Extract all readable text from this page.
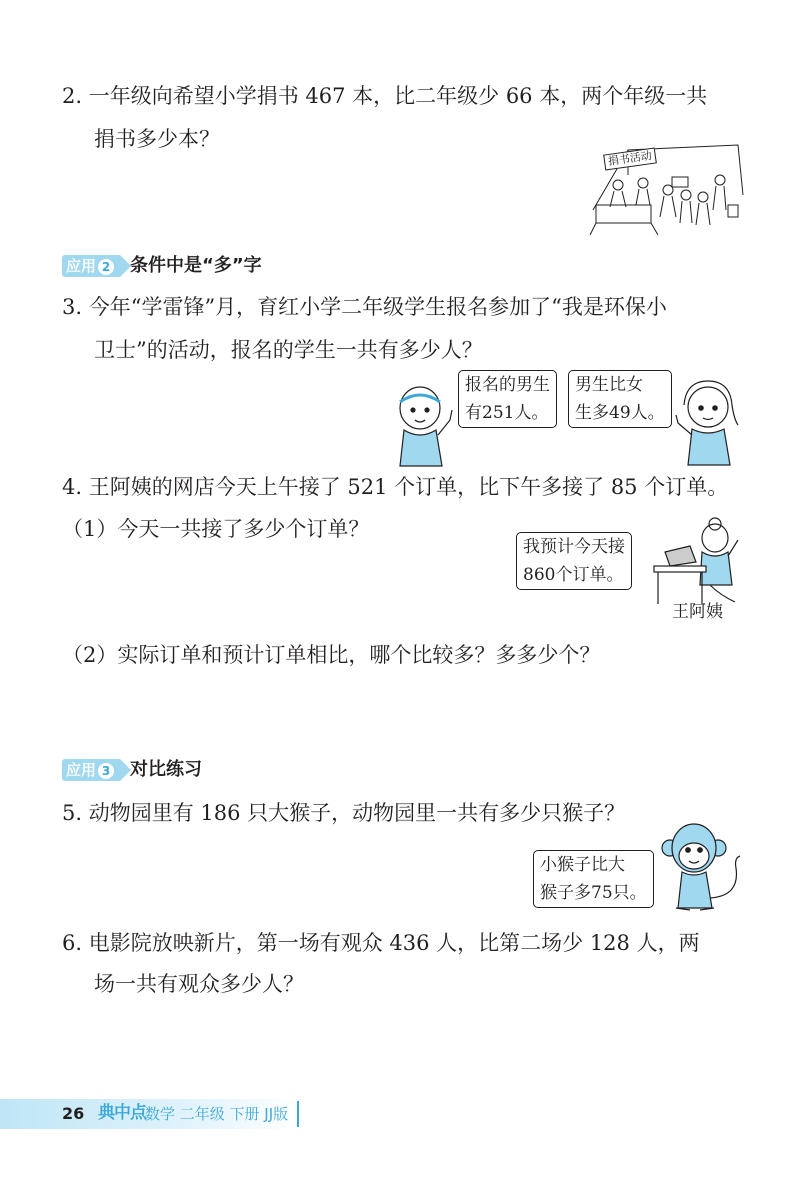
2. 一年级向希望小学捐书 467 本，比二年级少 66 本，两个年级一共
捐书多少本？
捐书活动
应用 2	条件中是“多”字
3. 今年“学雷锋”月，育红小学二年级学生报名参加了“我是环保小
卫士”的活动，报名的学生一共有多少人？
报名的男生
有251人。
男生比女
生多49人。
4. 王阿姨的网店今天上午接了 521 个订单，比下午多接了 85 个订单。
（1）今天一共接了多少个订单？
我预计今天接
860个订单。
王阿姨
（2）实际订单和预计订单相比，哪个比较多？多多少个？
应用 3	对比练习
5. 动物园里有 186 只大猴子，动物园里一共有多少只猴子？
小猴子比大
猴子多75只。
6. 电影院放映新片，第一场有观众 436 人，比第二场少 128 人，两
场一共有观众多少人？
26 典中点 数学 二年级 下册 JJ版
